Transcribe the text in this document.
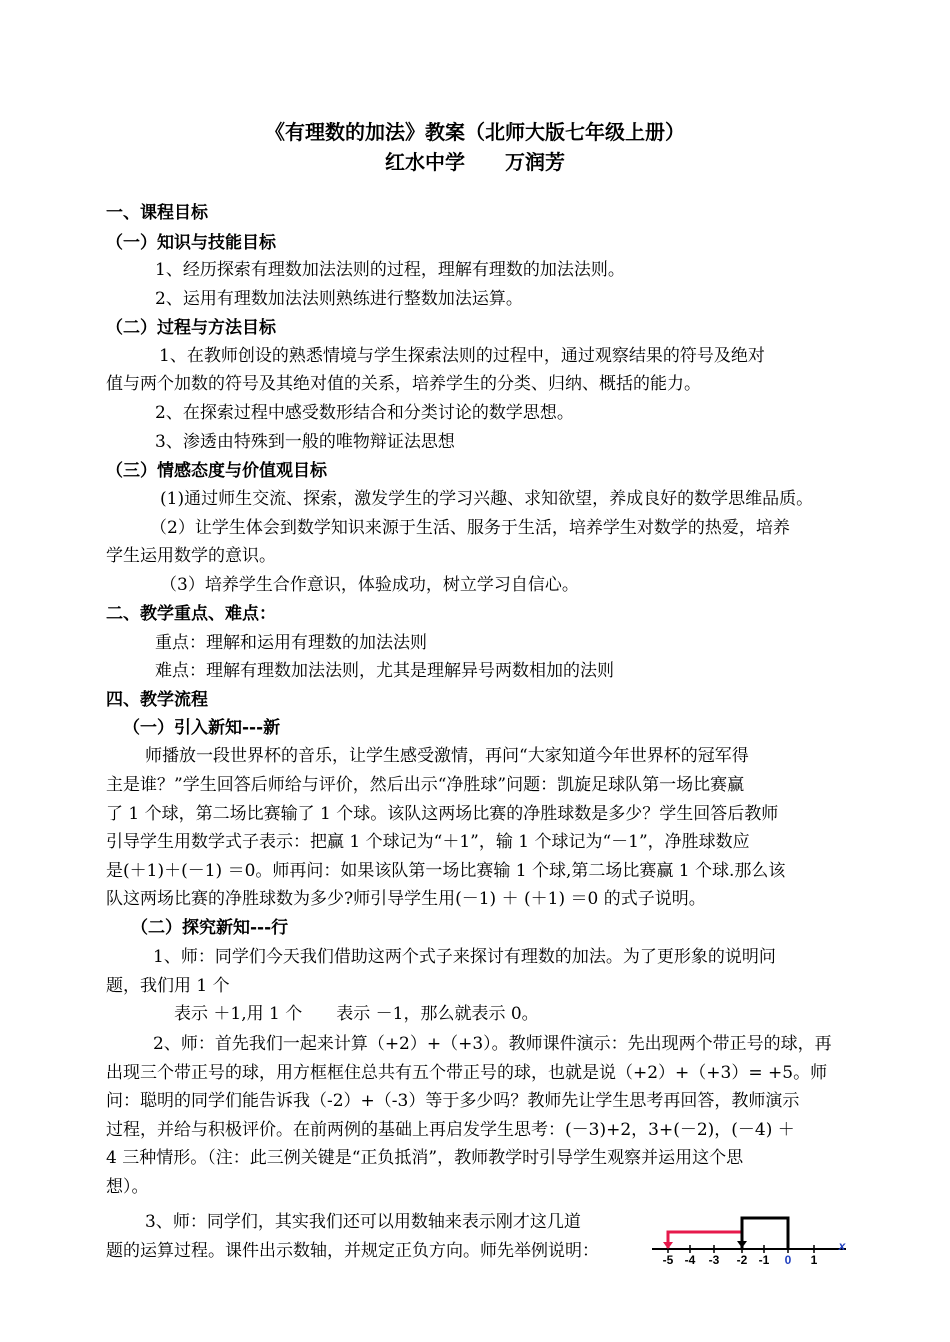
《有理数的加法》教案（北师大版七年级上册）
红水中学　　万润芳
一、课程目标
（一）知识与技能目标
1、经历探索有理数加法法则的过程，理解有理数的加法法则。
2、运用有理数加法法则熟练进行整数加法运算。
（二）过程与方法目标
1、在教师创设的熟悉情境与学生探索法则的过程中，通过观察结果的符号及绝对
值与两个加数的符号及其绝对值的关系，培养学生的分类、归纳、概括的能力。
2、在探索过程中感受数形结合和分类讨论的数学思想。
3、渗透由特殊到一般的唯物辩证法思想
（三）情感态度与价值观目标
(1)通过师生交流、探索，激发学生的学习兴趣、求知欲望，养成良好的数学思维品质。
（2）让学生体会到数学知识来源于生活、服务于生活，培养学生对数学的热爱，培养
学生运用数学的意识。
（3）培养学生合作意识，体验成功，树立学习自信心。
二、教学重点、难点：
重点：理解和运用有理数的加法法则
难点：理解有理数加法法则，尤其是理解异号两数相加的法则
四、教学流程
（一）引入新知---新
师播放一段世界杯的音乐，让学生感受激情，再问“大家知道今年世界杯的冠军得
主是谁？”学生回答后师给与评价，然后出示“净胜球”问题：凯旋足球队第一场比赛赢
了 1 个球，第二场比赛输了 1 个球。该队这两场比赛的净胜球数是多少？学生回答后教师
引导学生用数学式子表示：把赢 1 个球记为“＋1”，输 1 个球记为“－1”，净胜球数应
是(＋1)＋(－1) ＝0。师再问：如果该队第一场比赛输 1 个球,第二场比赛赢 1 个球.那么该
队这两场比赛的净胜球数为多少?师引导学生用(－1) ＋ (＋1) ＝0 的式子说明。
（二）探究新知---行
1、师：同学们今天我们借助这两个式子来探讨有理数的加法。为了更形象的说明问
题，我们用 1 个
表示 ＋1,用 1 个　　表示 －1，那么就表示 0。
2、师：首先我们一起来计算（+2）+（+3）。教师课件演示：先出现两个带正号的球，再
出现三个带正号的球，用方框框住总共有五个带正号的球，也就是说（+2）+（+3）= +5。师
问：聪明的同学们能告诉我（-2）+（-3）等于多少吗？教师先让学生思考再回答，教师演示
过程，并给与积极评价。在前两例的基础上再启发学生思考：(－3)+2，3+(－2)，(－4) ＋
4 三种情形。（注：此三例关键是“正负抵消”，教师教学时引导学生观察并运用这个思
想）。
3、师：同学们，其实我们还可以用数轴来表示刚才这几道
题的运算过程。课件出示数轴，并规定正负方向。师先举例说明：	-5 -4 -3 -2 -1 0 1
x
